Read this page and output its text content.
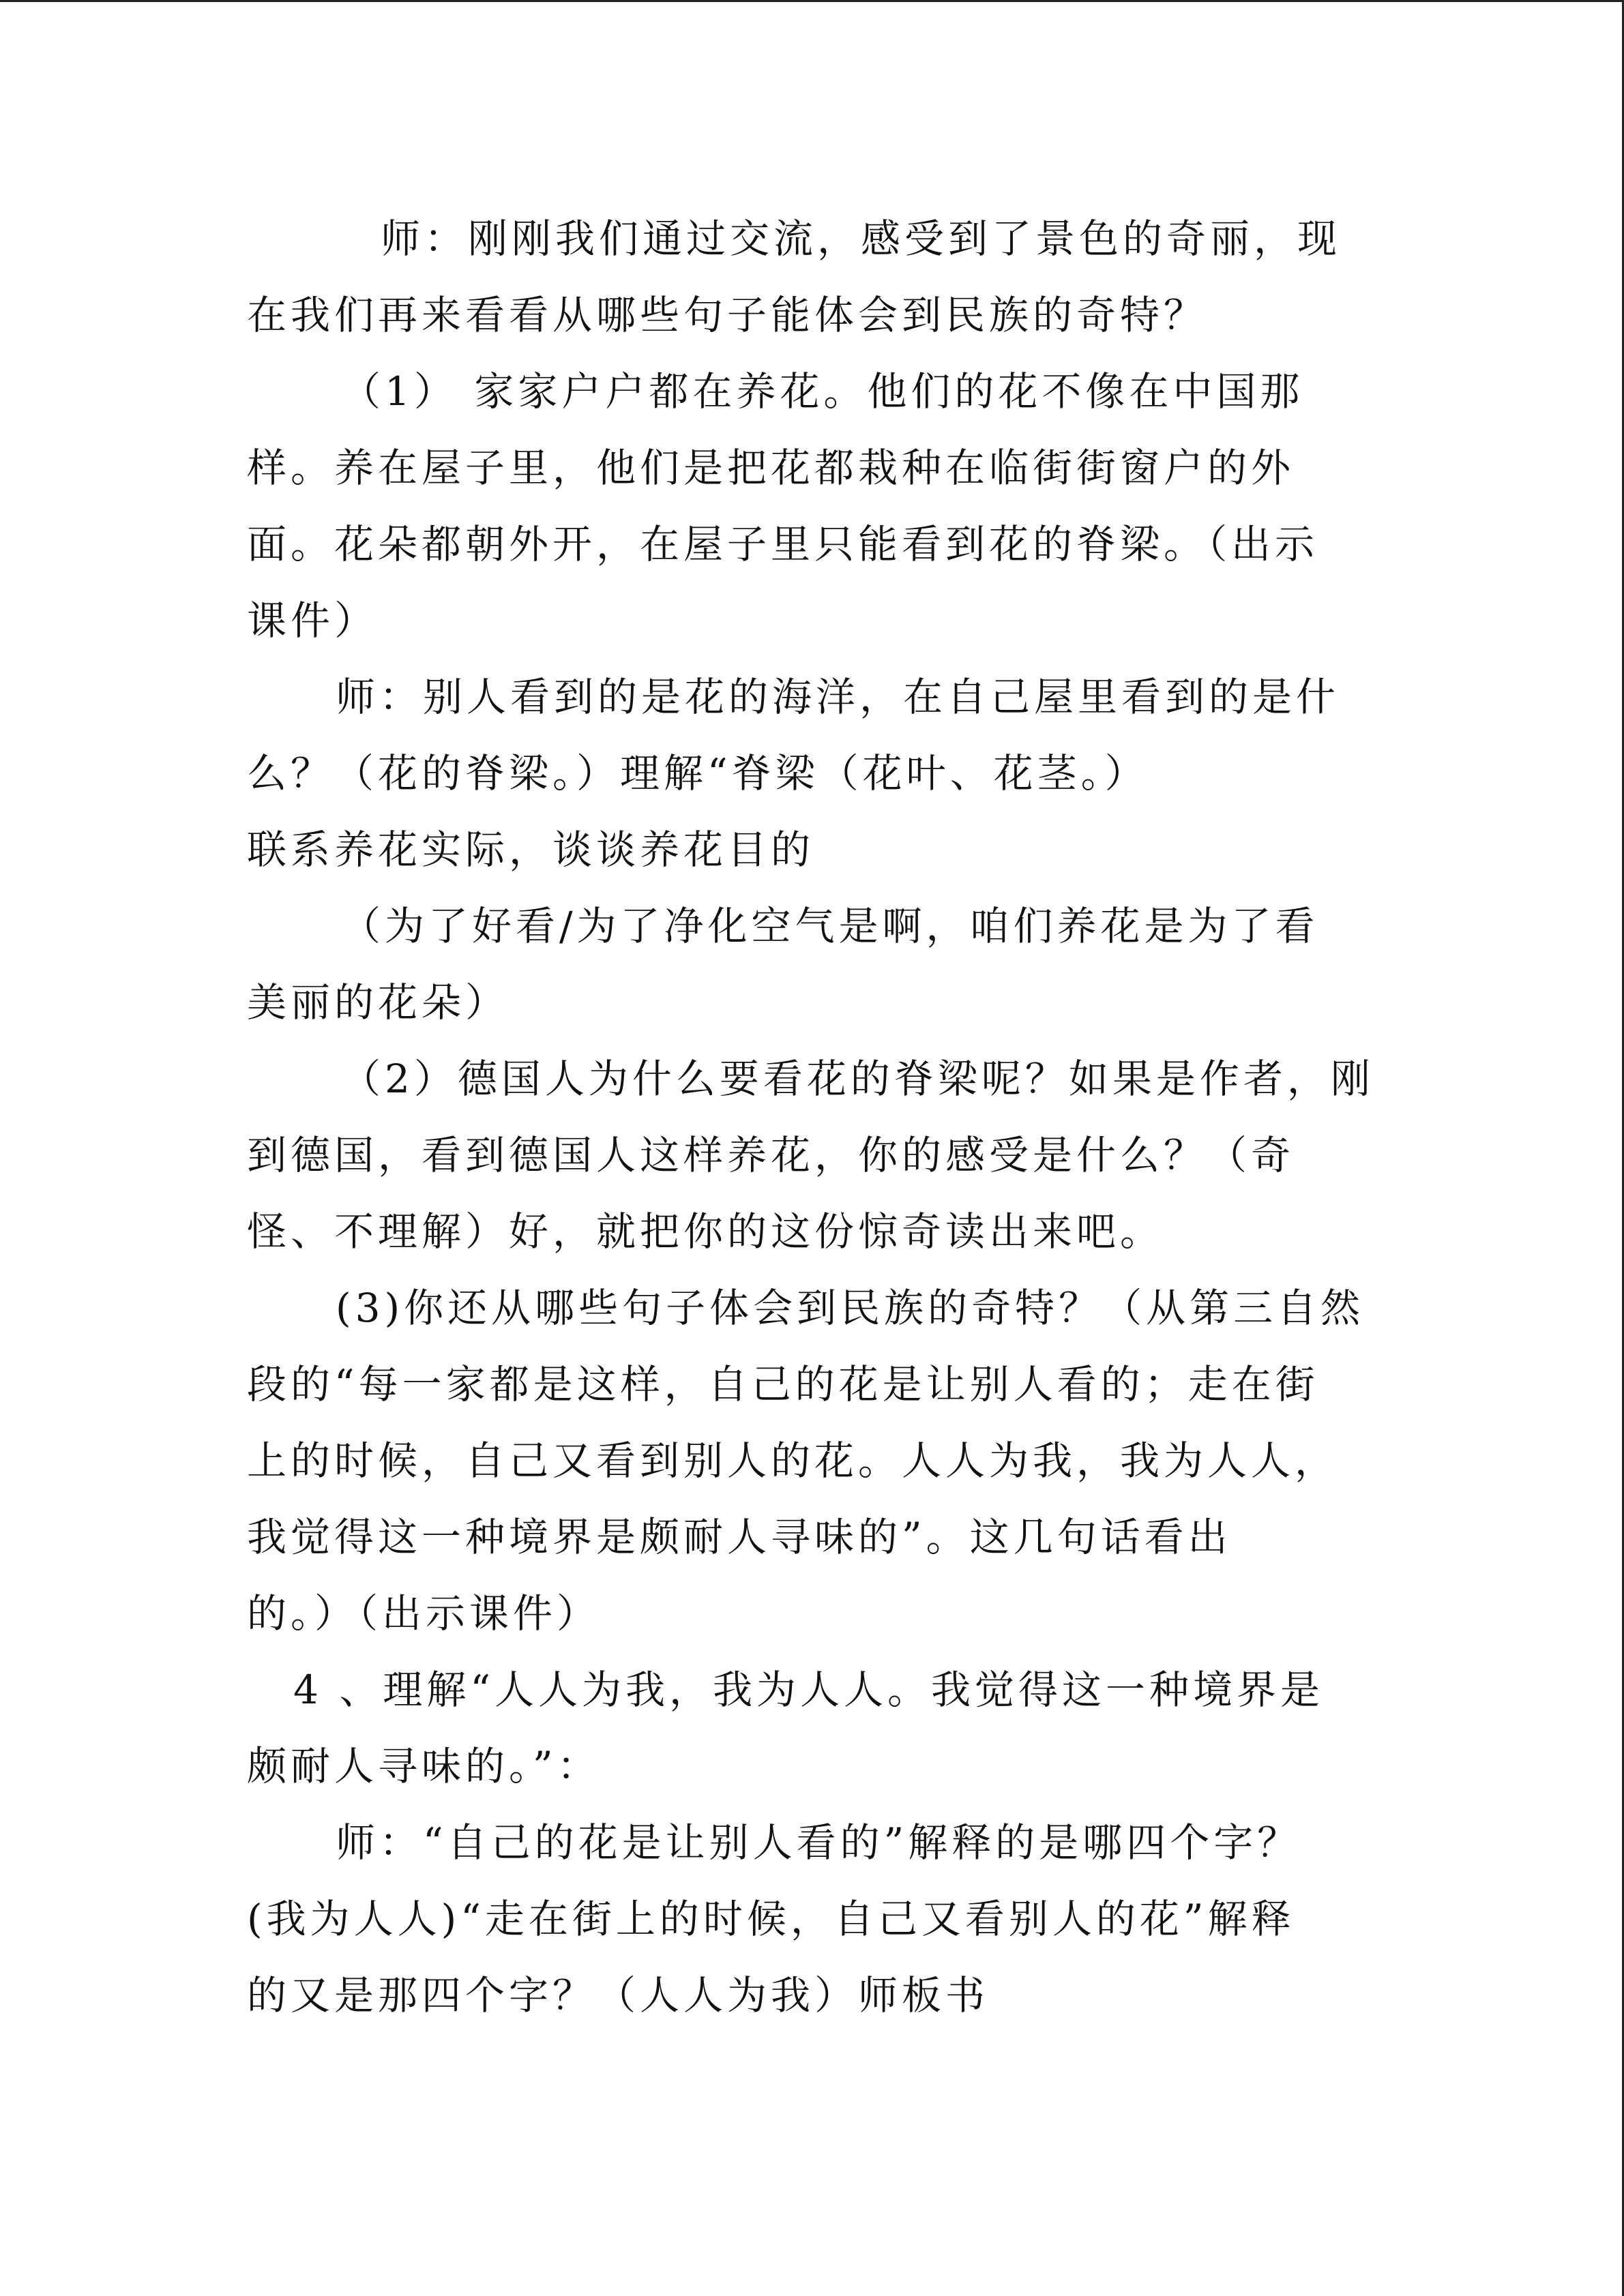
师：刚刚我们通过交流，感受到了景色的奇丽，现
在我们再来看看从哪些句子能体会到民族的奇特？
（1） 家家户户都在养花。他们的花不像在中国那
样。养在屋子里，他们是把花都栽种在临街街窗户的外
面。花朵都朝外开，在屋子里只能看到花的脊梁。（出示
课件）
师：别人看到的是花的海洋，在自己屋里看到的是什
么？（花的脊梁。）理解“脊梁（花叶、花茎。）
联系养花实际，谈谈养花目的
（为了好看/为了净化空气是啊，咱们养花是为了看
美丽的花朵）
（2）德国人为什么要看花的脊梁呢？如果是作者，刚
到德国，看到德国人这样养花，你的感受是什么？（奇
怪、不理解）好，就把你的这份惊奇读出来吧。
(3)你还从哪些句子体会到民族的奇特？（从第三自然
段的“每一家都是这样，自己的花是让别人看的；走在街
上的时候，自己又看到别人的花。人人为我，我为人人，
我觉得这一种境界是颇耐人寻味的”。这几句话看出
的。）（出示课件）
4 、理解“人人为我，我为人人。我觉得这一种境界是
颇耐人寻味的。”：
师：“自己的花是让别人看的”解释的是哪四个字？
(我为人人)“走在街上的时候，自己又看别人的花”解释
的又是那四个字？（人人为我）师板书
